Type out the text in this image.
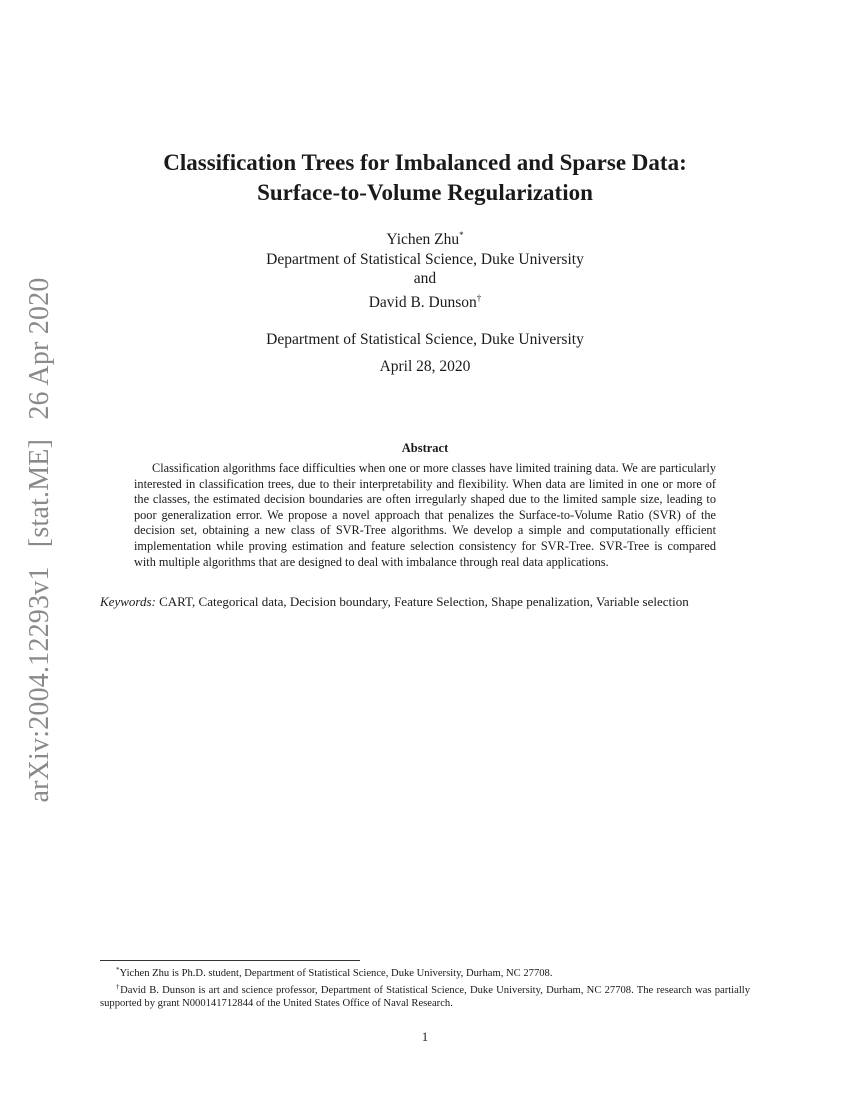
arXiv:2004.12293v1 [stat.ME] 26 Apr 2020
Classification Trees for Imbalanced and Sparse Data:
Surface-to-Volume Regularization
Yichen Zhu*
Department of Statistical Science, Duke University
and
David B. Dunson†
Department of Statistical Science, Duke University
April 28, 2020
Abstract
Classification algorithms face difficulties when one or more classes have limited training data. We are particularly interested in classification trees, due to their interpretability and flexibility. When data are limited in one or more of the classes, the estimated decision boundaries are often irregularly shaped due to the limited sample size, leading to poor generalization error. We propose a novel approach that penalizes the Surface-to-Volume Ratio (SVR) of the decision set, obtaining a new class of SVR-Tree algorithms. We develop a simple and computationally efficient implementation while proving estimation and feature selection consistency for SVR-Tree. SVR-Tree is compared with multiple algorithms that are designed to deal with imbalance through real data applications.
Keywords: CART, Categorical data, Decision boundary, Feature Selection, Shape penalization, Variable selection
*Yichen Zhu is Ph.D. student, Department of Statistical Science, Duke University, Durham, NC 27708.
†David B. Dunson is art and science professor, Department of Statistical Science, Duke University, Durham, NC 27708. The research was partially supported by grant N000141712844 of the United States Office of Naval Research.
1
